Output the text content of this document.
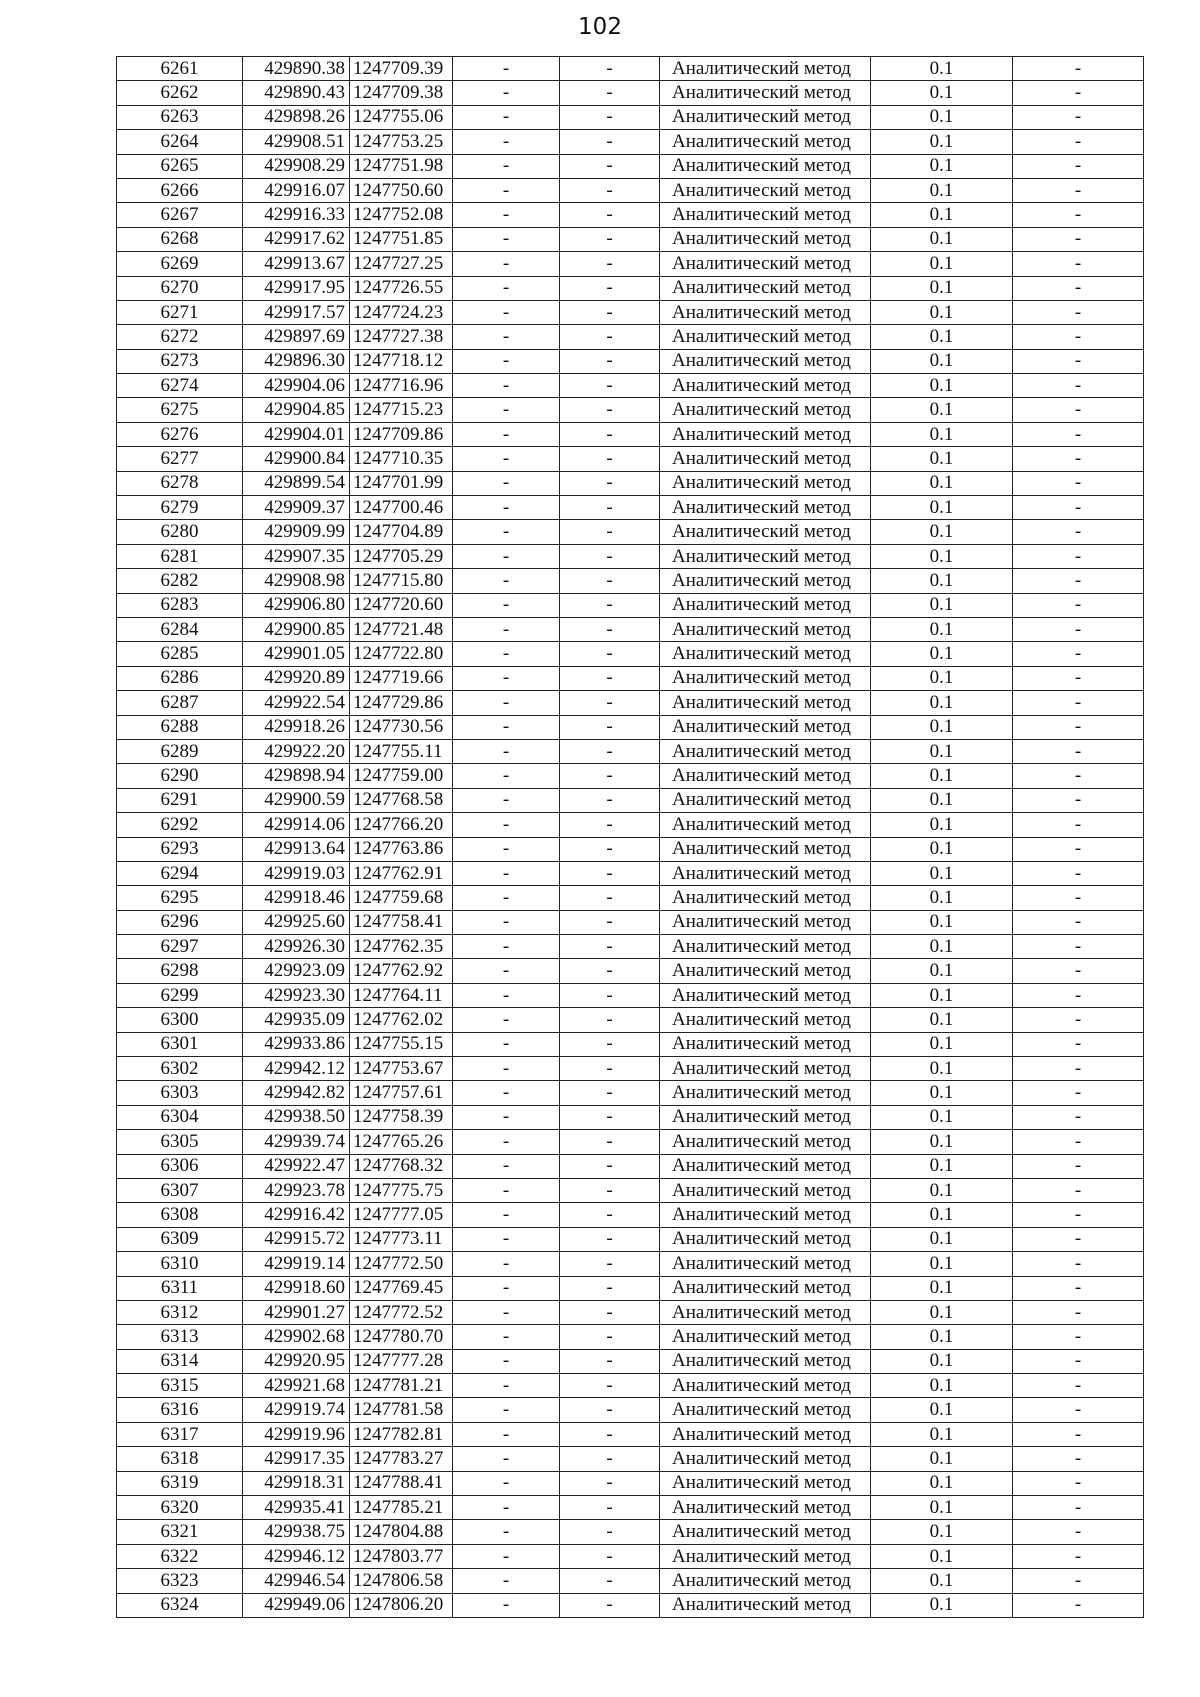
102
6261	429890.38	1247709.39	-	-	Аналитический метод	0.1	-
6262	429890.43	1247709.38	-	-	Аналитический метод	0.1	-
6263	429898.26	1247755.06	-	-	Аналитический метод	0.1	-
6264	429908.51	1247753.25	-	-	Аналитический метод	0.1	-
6265	429908.29	1247751.98	-	-	Аналитический метод	0.1	-
6266	429916.07	1247750.60	-	-	Аналитический метод	0.1	-
6267	429916.33	1247752.08	-	-	Аналитический метод	0.1	-
6268	429917.62	1247751.85	-	-	Аналитический метод	0.1	-
6269	429913.67	1247727.25	-	-	Аналитический метод	0.1	-
6270	429917.95	1247726.55	-	-	Аналитический метод	0.1	-
6271	429917.57	1247724.23	-	-	Аналитический метод	0.1	-
6272	429897.69	1247727.38	-	-	Аналитический метод	0.1	-
6273	429896.30	1247718.12	-	-	Аналитический метод	0.1	-
6274	429904.06	1247716.96	-	-	Аналитический метод	0.1	-
6275	429904.85	1247715.23	-	-	Аналитический метод	0.1	-
6276	429904.01	1247709.86	-	-	Аналитический метод	0.1	-
6277	429900.84	1247710.35	-	-	Аналитический метод	0.1	-
6278	429899.54	1247701.99	-	-	Аналитический метод	0.1	-
6279	429909.37	1247700.46	-	-	Аналитический метод	0.1	-
6280	429909.99	1247704.89	-	-	Аналитический метод	0.1	-
6281	429907.35	1247705.29	-	-	Аналитический метод	0.1	-
6282	429908.98	1247715.80	-	-	Аналитический метод	0.1	-
6283	429906.80	1247720.60	-	-	Аналитический метод	0.1	-
6284	429900.85	1247721.48	-	-	Аналитический метод	0.1	-
6285	429901.05	1247722.80	-	-	Аналитический метод	0.1	-
6286	429920.89	1247719.66	-	-	Аналитический метод	0.1	-
6287	429922.54	1247729.86	-	-	Аналитический метод	0.1	-
6288	429918.26	1247730.56	-	-	Аналитический метод	0.1	-
6289	429922.20	1247755.11	-	-	Аналитический метод	0.1	-
6290	429898.94	1247759.00	-	-	Аналитический метод	0.1	-
6291	429900.59	1247768.58	-	-	Аналитический метод	0.1	-
6292	429914.06	1247766.20	-	-	Аналитический метод	0.1	-
6293	429913.64	1247763.86	-	-	Аналитический метод	0.1	-
6294	429919.03	1247762.91	-	-	Аналитический метод	0.1	-
6295	429918.46	1247759.68	-	-	Аналитический метод	0.1	-
6296	429925.60	1247758.41	-	-	Аналитический метод	0.1	-
6297	429926.30	1247762.35	-	-	Аналитический метод	0.1	-
6298	429923.09	1247762.92	-	-	Аналитический метод	0.1	-
6299	429923.30	1247764.11	-	-	Аналитический метод	0.1	-
6300	429935.09	1247762.02	-	-	Аналитический метод	0.1	-
6301	429933.86	1247755.15	-	-	Аналитический метод	0.1	-
6302	429942.12	1247753.67	-	-	Аналитический метод	0.1	-
6303	429942.82	1247757.61	-	-	Аналитический метод	0.1	-
6304	429938.50	1247758.39	-	-	Аналитический метод	0.1	-
6305	429939.74	1247765.26	-	-	Аналитический метод	0.1	-
6306	429922.47	1247768.32	-	-	Аналитический метод	0.1	-
6307	429923.78	1247775.75	-	-	Аналитический метод	0.1	-
6308	429916.42	1247777.05	-	-	Аналитический метод	0.1	-
6309	429915.72	1247773.11	-	-	Аналитический метод	0.1	-
6310	429919.14	1247772.50	-	-	Аналитический метод	0.1	-
6311	429918.60	1247769.45	-	-	Аналитический метод	0.1	-
6312	429901.27	1247772.52	-	-	Аналитический метод	0.1	-
6313	429902.68	1247780.70	-	-	Аналитический метод	0.1	-
6314	429920.95	1247777.28	-	-	Аналитический метод	0.1	-
6315	429921.68	1247781.21	-	-	Аналитический метод	0.1	-
6316	429919.74	1247781.58	-	-	Аналитический метод	0.1	-
6317	429919.96	1247782.81	-	-	Аналитический метод	0.1	-
6318	429917.35	1247783.27	-	-	Аналитический метод	0.1	-
6319	429918.31	1247788.41	-	-	Аналитический метод	0.1	-
6320	429935.41	1247785.21	-	-	Аналитический метод	0.1	-
6321	429938.75	1247804.88	-	-	Аналитический метод	0.1	-
6322	429946.12	1247803.77	-	-	Аналитический метод	0.1	-
6323	429946.54	1247806.58	-	-	Аналитический метод	0.1	-
6324	429949.06	1247806.20	-	-	Аналитический метод	0.1	-
